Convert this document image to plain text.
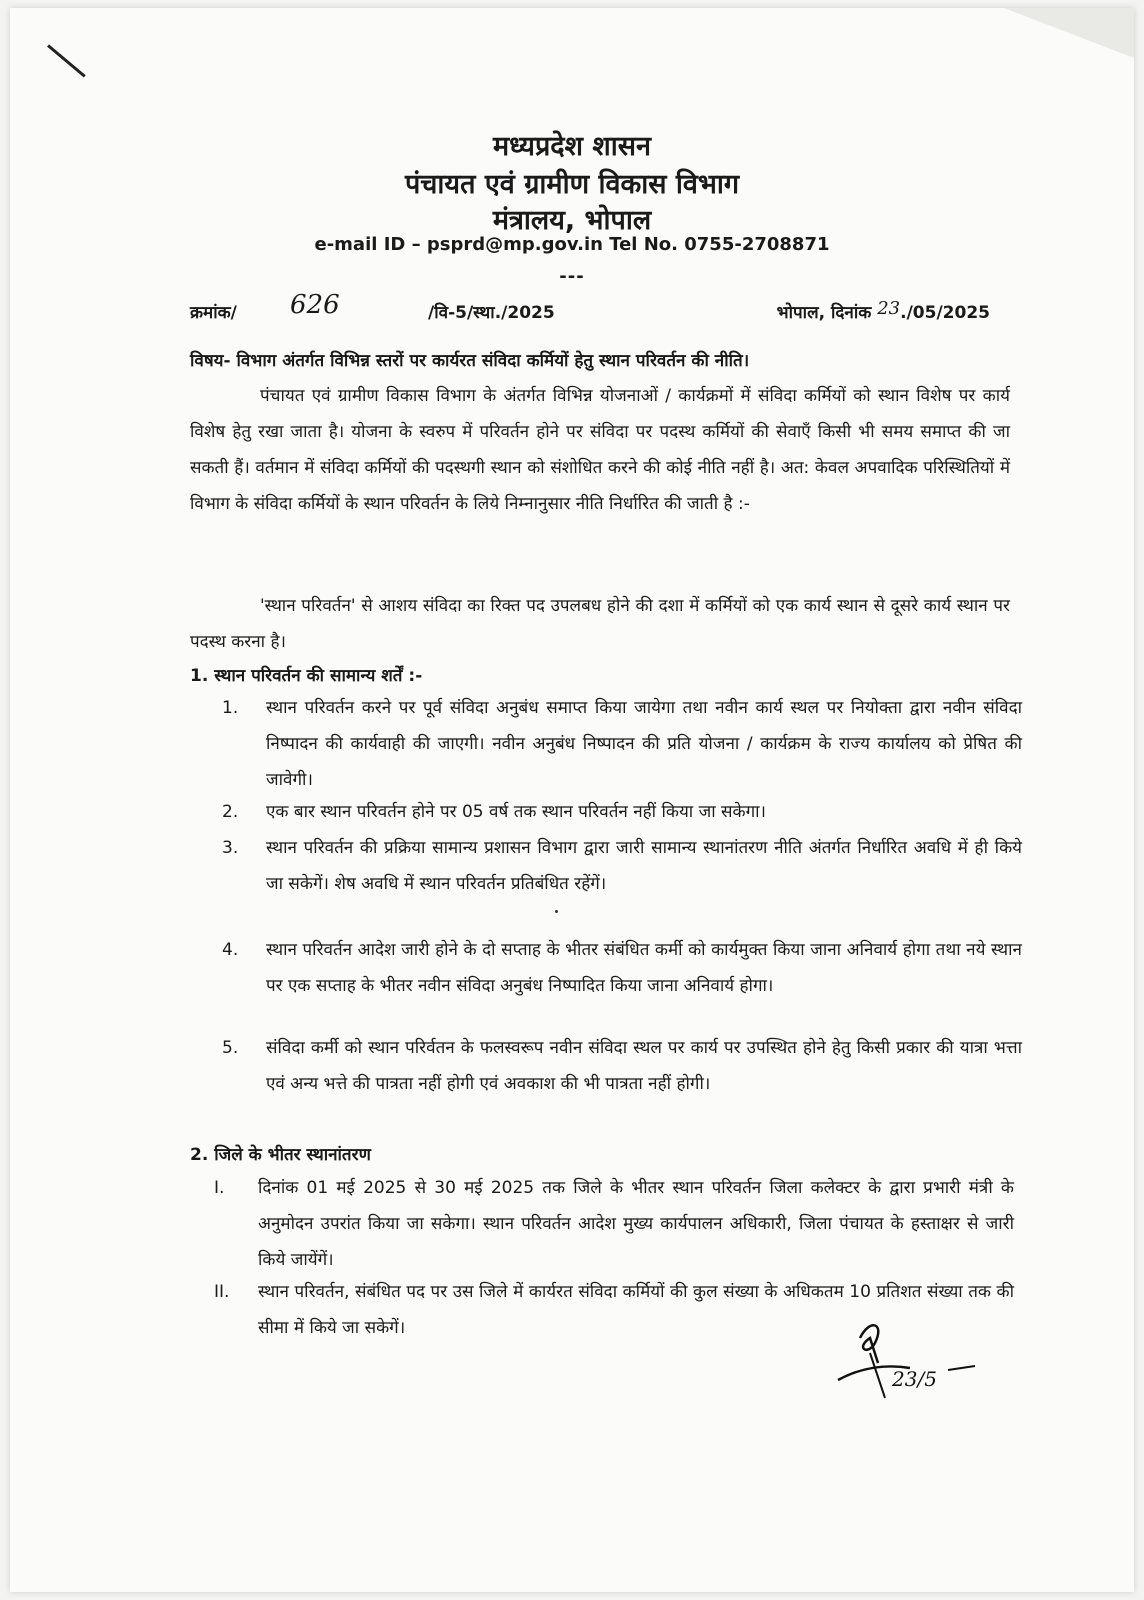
मध्यप्रदेश शासन
पंचायत एवं ग्रामीण विकास विभाग
मंत्रालय, भोपाल
e-mail ID – psprd@mp.gov.in Tel No. 0755-2708871
---
क्रमांक/ 626	/वि-5/स्था./2025	भोपाल, दिनांक 23./05/2025
विषय- विभाग अंतर्गत विभिन्न स्तरों पर कार्यरत संविदा कर्मियों हेतु स्थान परिवर्तन की नीति।
पंचायत एवं ग्रामीण विकास विभाग के अंतर्गत विभिन्न योजनाओं / कार्यक्रमों में संविदा कर्मियों को स्थान विशेष पर कार्य विशेष हेतु रखा जाता है। योजना के स्वरुप में परिवर्तन होने पर संविदा पर पदस्थ कर्मियों की सेवाएँ किसी भी समय समाप्त की जा सकती हैं। वर्तमान में संविदा कर्मियों की पदस्थगी स्थान को संशोधित करने की कोई नीति नहीं है। अत: केवल अपवादिक परिस्थितियों में विभाग के संविदा कर्मियों के स्थान परिवर्तन के लिये निम्नानुसार नीति निर्धारित की जाती है :-
'स्थान परिवर्तन' से आशय संविदा का रिक्त पद उपलबध होने की दशा में कर्मियों को एक कार्य स्थान से दूसरे कार्य स्थान पर पदस्थ करना है।
1. स्थान परिवर्तन की सामान्य शर्तें :-
1.	स्थान परिवर्तन करने पर पूर्व संविदा अनुबंध समाप्त किया जायेगा तथा नवीन कार्य स्थल पर नियोक्ता द्वारा नवीन संविदा निष्पादन की कार्यवाही की जाएगी। नवीन अनुबंध निष्पादन की प्रति योजना / कार्यक्रम के राज्य कार्यालय को प्रेषित की जावेगी।
2.	एक बार स्थान परिवर्तन होने पर 05 वर्ष तक स्थान परिवर्तन नहीं किया जा सकेगा।
3.	स्थान परिवर्तन की प्रक्रिया सामान्य प्रशासन विभाग द्वारा जारी सामान्य स्थानांतरण नीति अंतर्गत निर्धारित अवधि में ही किये जा सकेगें। शेष अवधि में स्थान परिवर्तन प्रतिबंधित रहेंगें।
4.	स्थान परिवर्तन आदेश जारी होने के दो सप्ताह के भीतर संबंधित कर्मी को कार्यमुक्त किया जाना अनिवार्य होगा तथा नये स्थान पर एक सप्ताह के भीतर नवीन संविदा अनुबंध निष्पादित किया जाना अनिवार्य होगा।
5.	संविदा कर्मी को स्थान परिर्वतन के फलस्वरूप नवीन संविदा स्थल पर कार्य पर उपस्थित होने हेतु किसी प्रकार की यात्रा भत्ता एवं अन्य भत्ते की पात्रता नहीं होगी एवं अवकाश की भी पात्रता नहीं होगी।
2. जिले के भीतर स्थानांतरण
I.	दिनांक 01 मई 2025 से 30 मई 2025 तक जिले के भीतर स्थान परिवर्तन जिला कलेक्टर के द्वारा प्रभारी मंत्री के अनुमोदन उपरांत किया जा सकेगा। स्थान परिवर्तन आदेश मुख्य कार्यपालन अधिकारी, जिला पंचायत के हस्ताक्षर से जारी किये जायेंगें।
II.	स्थान परिवर्तन, संबंधित पद पर उस जिले में कार्यरत संविदा कर्मियों की कुल संख्या के अधिकतम 10 प्रतिशत संख्या तक की सीमा में किये जा सकेगें।
23/5
